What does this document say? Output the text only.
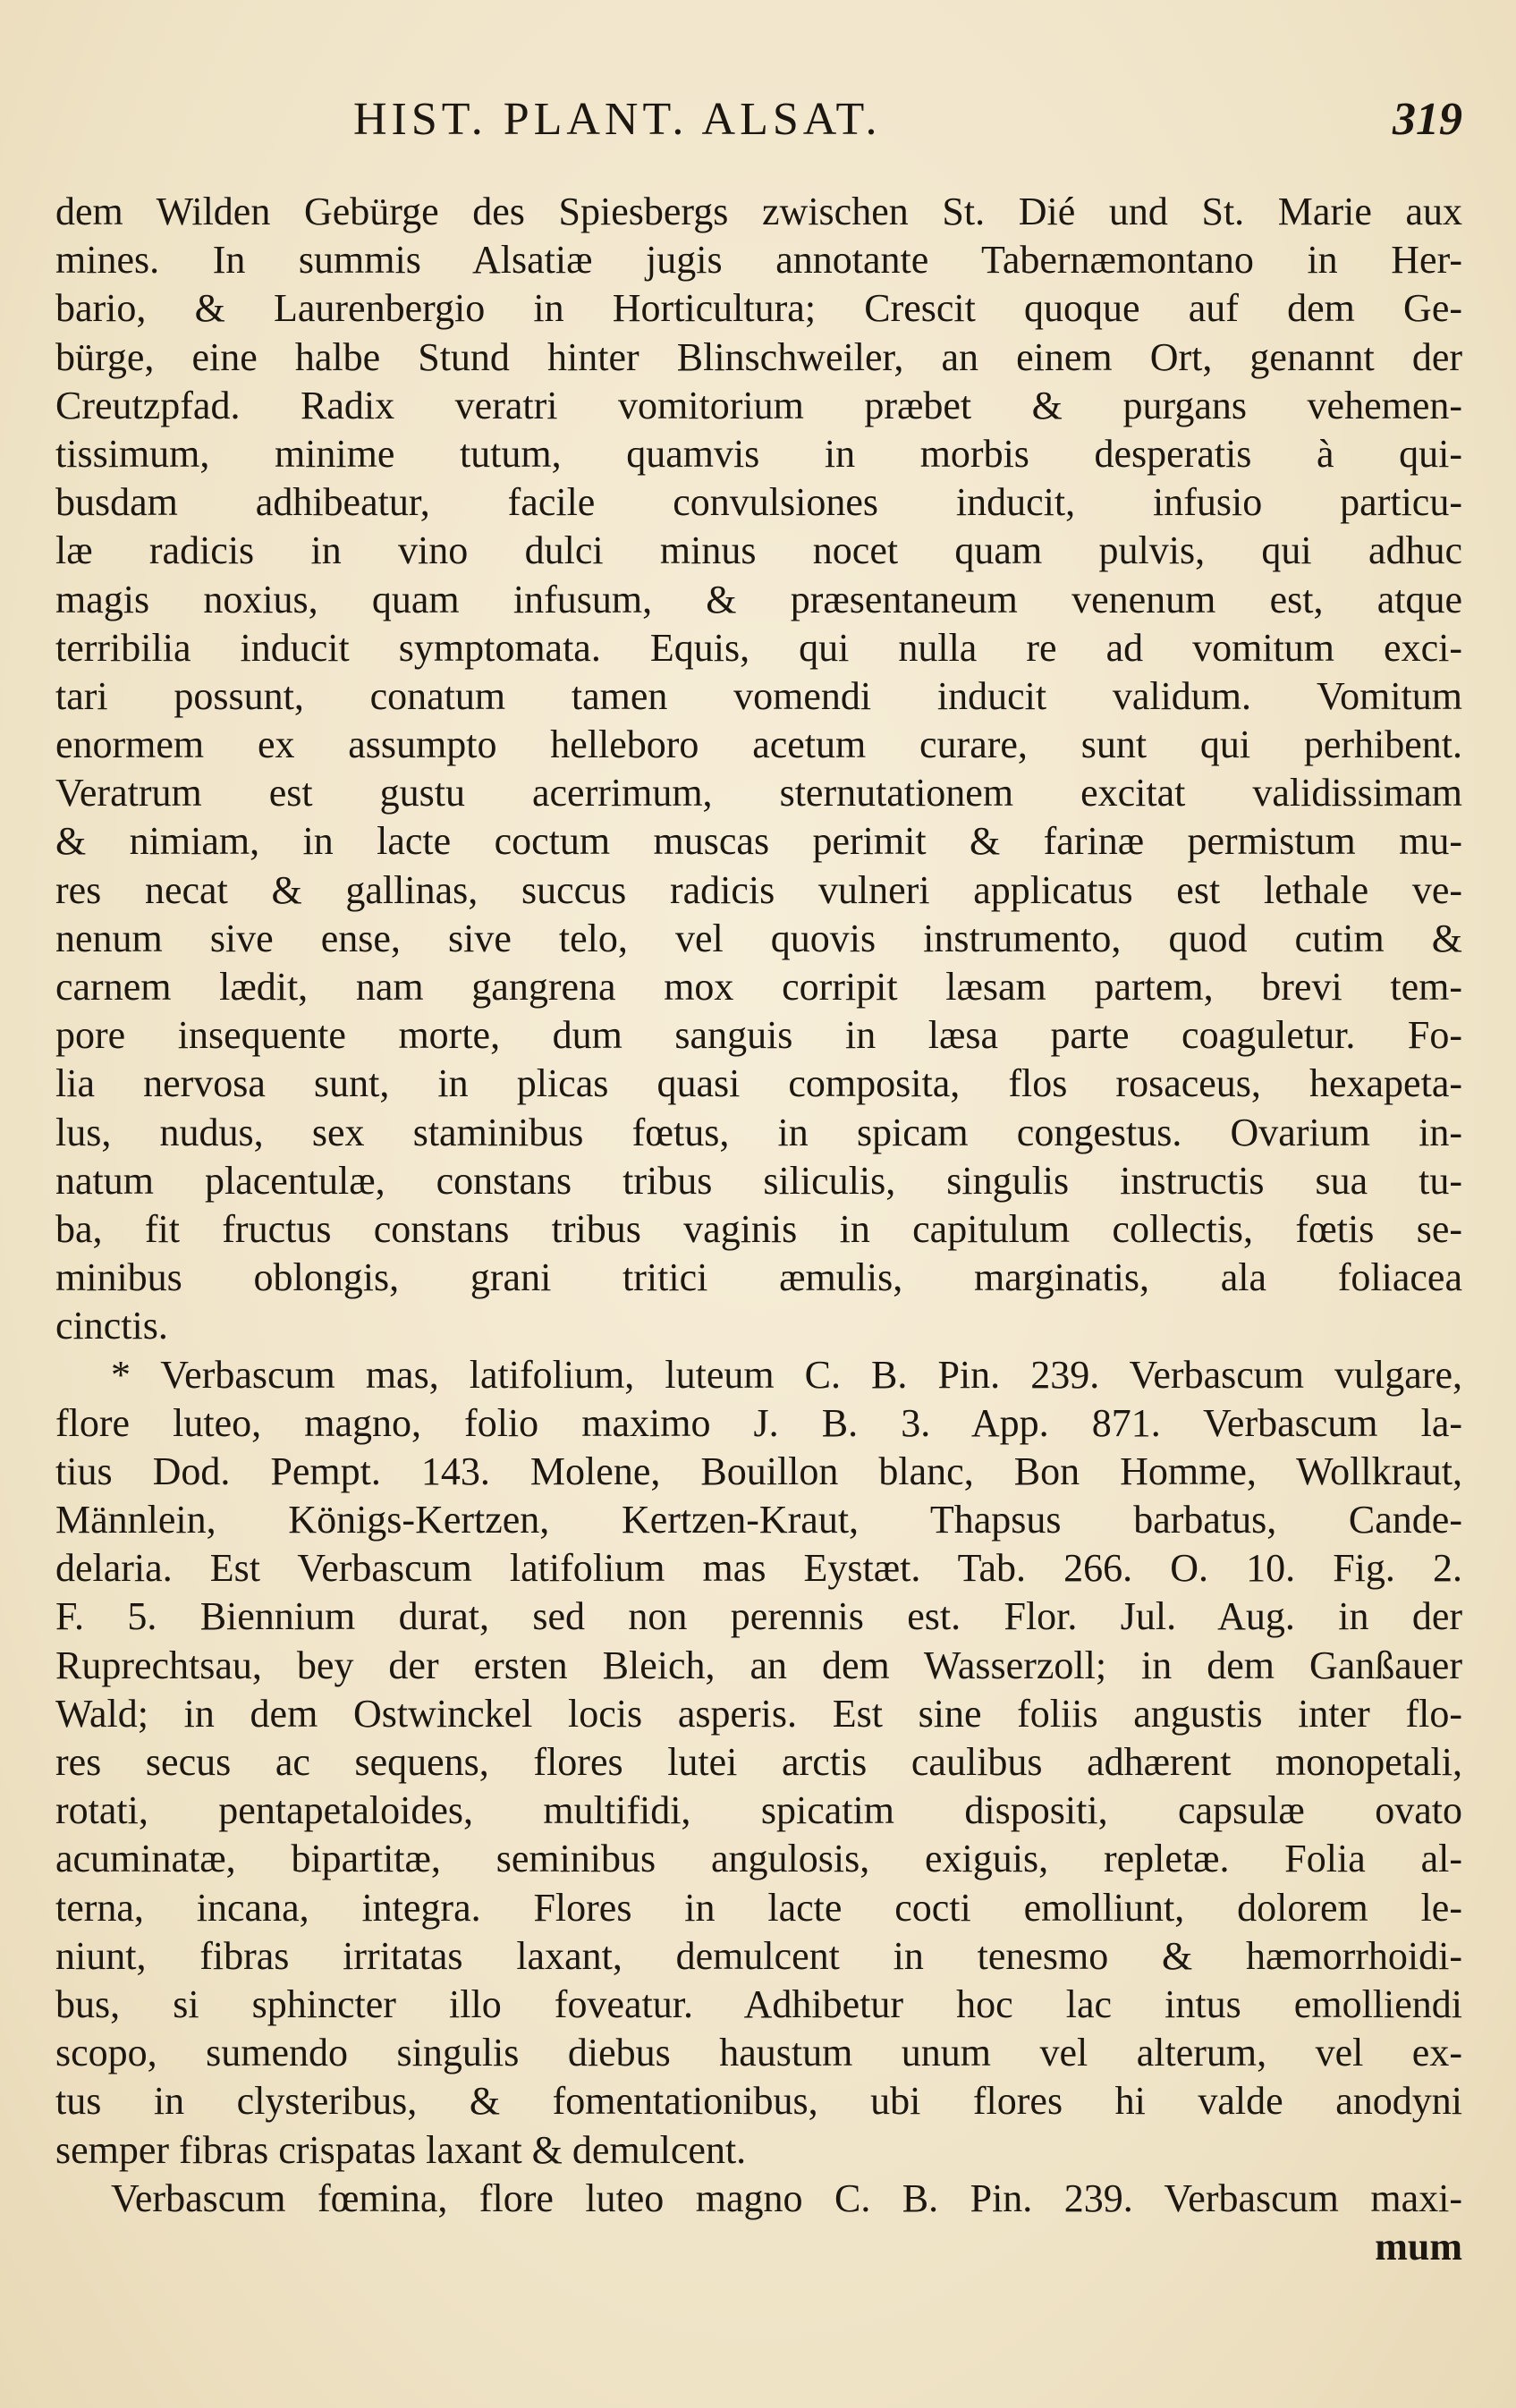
HIST. PLANT. ALSAT.	319
dem Wilden Gebürge des Spiesbergs zwischen St. Dié und St. Marie aux
mines. In summis Alsatiæ jugis annotante Tabernæmontano in Her-
bario, & Laurenbergio in Horticultura; Crescit quoque auf dem Ge-
bürge, eine halbe Stund hinter Blinschweiler, an einem Ort, genannt der
Creutzpfad. Radix veratri vomitorium præbet & purgans vehemen-
tissimum, minime tutum, quamvis in morbis desperatis à qui-
busdam adhibeatur, facile convulsiones inducit, infusio particu-
læ radicis in vino dulci minus nocet quam pulvis, qui adhuc
magis noxius, quam infusum, & præsentaneum venenum est, atque
terribilia inducit symptomata. Equis, qui nulla re ad vomitum exci-
tari possunt, conatum tamen vomendi inducit validum. Vomitum
enormem ex assumpto helleboro acetum curare, sunt qui perhibent.
Veratrum est gustu acerrimum, sternutationem excitat validissimam
& nimiam, in lacte coctum muscas perimit & farinæ permistum mu-
res necat & gallinas, succus radicis vulneri applicatus est lethale ve-
nenum sive ense, sive telo, vel quovis instrumento, quod cutim &
carnem lædit, nam gangrena mox corripit læsam partem, brevi tem-
pore insequente morte, dum sanguis in læsa parte coaguletur. Fo-
lia nervosa sunt, in plicas quasi composita, flos rosaceus, hexapeta-
lus, nudus, sex staminibus fœtus, in spicam congestus. Ovarium in-
natum placentulæ, constans tribus siliculis, singulis instructis sua tu-
ba, fit fructus constans tribus vaginis in capitulum collectis, fœtis se-
minibus oblongis, grani tritici æmulis, marginatis, ala foliacea
cinctis.
* Verbascum mas, latifolium, luteum C. B. Pin. 239. Verbascum vulgare,
flore luteo, magno, folio maximo J. B. 3. App. 871. Verbascum la-
tius Dod. Pempt. 143. Molene, Bouillon blanc, Bon Homme, Wollkraut,
Männlein, Königs-Kertzen, Kertzen-Kraut, Thapsus barbatus, Cande-
delaria. Est Verbascum latifolium mas Eystæt. Tab. 266. O. 10. Fig. 2.
F. 5. Biennium durat, sed non perennis est. Flor. Jul. Aug. in der
Ruprechtsau, bey der ersten Bleich, an dem Wasserzoll; in dem Ganßauer
Wald; in dem Ostwinckel locis asperis. Est sine foliis angustis inter flo-
res secus ac sequens, flores lutei arctis caulibus adhærent monopetali,
rotati, pentapetaloides, multifidi, spicatim dispositi, capsulæ ovato
acuminatæ, bipartitæ, seminibus angulosis, exiguis, repletæ. Folia al-
terna, incana, integra. Flores in lacte cocti emolliunt, dolorem le-
niunt, fibras irritatas laxant, demulcent in tenesmo & hæmorrhoidi-
bus, si sphincter illo foveatur. Adhibetur hoc lac intus emolliendi
scopo, sumendo singulis diebus haustum unum vel alterum, vel ex-
tus in clysteribus, & fomentationibus, ubi flores hi valde anodyni
semper fibras crispatas laxant & demulcent.
Verbascum fœmina, flore luteo magno C. B. Pin. 239. Verbascum maxi-
mum
